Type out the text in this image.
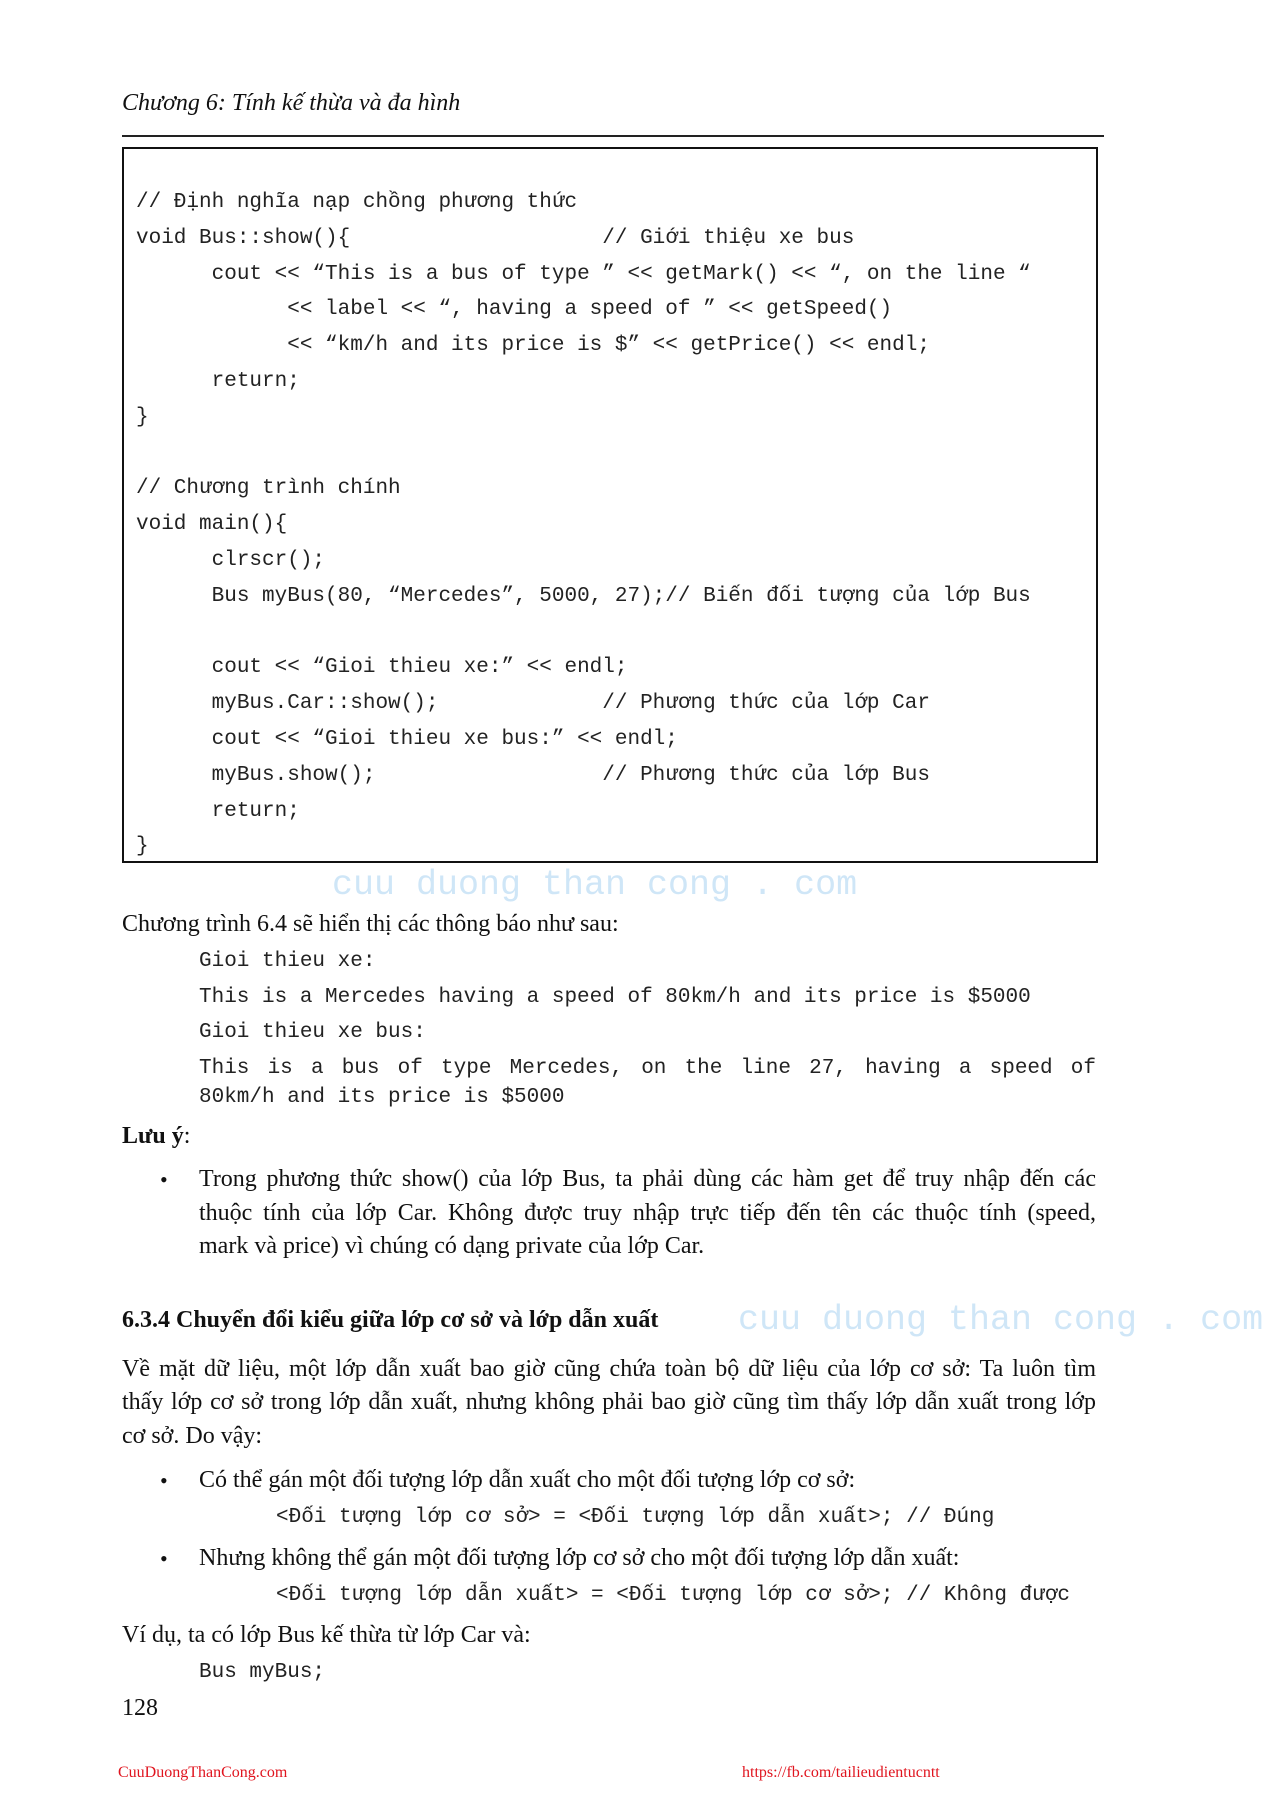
Chương 6: Tính kế thừa và đa hình
// Định nghĩa nạp chồng phương thức
void Bus::show(){                    // Giới thiệu xe bus
cout << “This is a bus of type ” << getMark() << “, on the line “
<< label << “, having a speed of ” << getSpeed()
<< “km/h and its price is $” << getPrice() << endl;
return;
}
// Chương trình chính
void main(){
clrscr();
Bus myBus(80, “Mercedes”, 5000, 27);// Biến đối tượng của lớp Bus
cout << “Gioi thieu xe:” << endl;
myBus.Car::show();             // Phương thức của lớp Car
cout << “Gioi thieu xe bus:” << endl;
myBus.show();                  // Phương thức của lớp Bus
return;
}
cuu duong than cong . com
cuu duong than cong . com
Chương trình 6.4 sẽ hiển thị các thông báo như sau:
Gioi thieu xe:
This is a Mercedes having a speed of 80km/h and its price is $5000
Gioi thieu xe bus:
This is a bus of type Mercedes, on the line 27, having a speed of
80km/h and its price is $5000
Lưu ý:
• Trong phương thức show() của lớp Bus, ta phải dùng các hàm get để truy nhập đến các
thuộc tính của lớp Car. Không được truy nhập trực tiếp đến tên các thuộc tính (speed,
mark và price) vì chúng có dạng private của lớp Car.
6.3.4 Chuyển đổi kiểu giữa lớp cơ sở và lớp dẫn xuất
Về mặt dữ liệu, một lớp dẫn xuất bao giờ cũng chứa toàn bộ dữ liệu của lớp cơ sở: Ta luôn tìm
thấy lớp cơ sở trong lớp dẫn xuất, nhưng không phải bao giờ cũng tìm thấy lớp dẫn xuất trong lớp
cơ sở. Do vậy:
• Có thể gán một đối tượng lớp dẫn xuất cho một đối tượng lớp cơ sở:
<Đối tượng lớp cơ sở> = <Đối tượng lớp dẫn xuất>; // Đúng
• Nhưng không thể gán một đối tượng lớp cơ sở cho một đối tượng lớp dẫn xuất:
<Đối tượng lớp dẫn xuất> = <Đối tượng lớp cơ sở>; // Không được
Ví dụ, ta có lớp Bus kế thừa từ lớp Car và:
Bus myBus;
128
CuuDuongThanCong.com	https://fb.com/tailieudientucntt
